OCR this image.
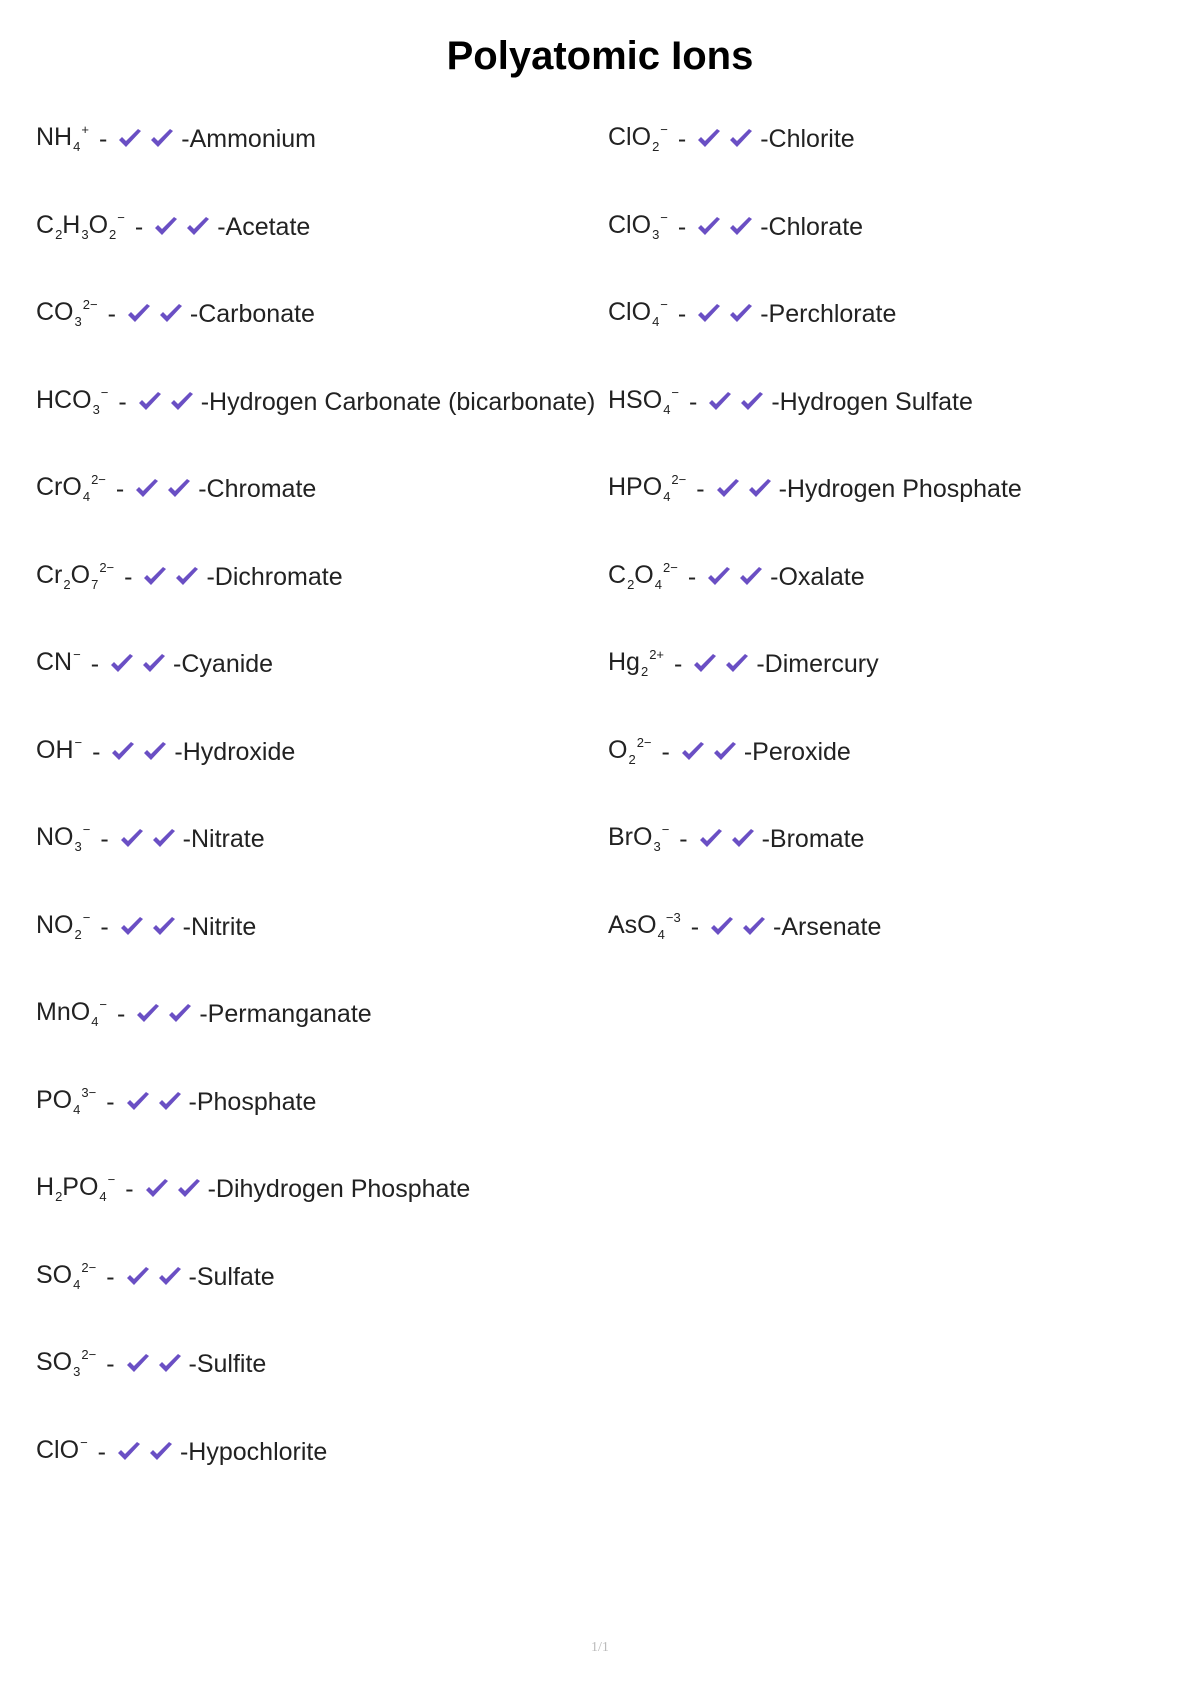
Polyatomic Ions
NH 4
+ -	-Ammonium
C 2 H 3 O 2
− -	-Acetate
CO 3
2− -	-Carbonate
HCO 3
− -	-Hydrogen Carbonate (bicarbonate)
CrO 4
2− -	-Chromate
Cr 2 O 7
2− -	-Dichromate
CN − -	-Cyanide
OH − -	-Hydroxide
NO 3
− -	-Nitrate
NO 2
− -	-Nitrite
MnO 4
− -	-Permanganate
PO 4
3− -	-Phosphate
H 2 PO 4
− -	-Dihydrogen Phosphate
SO 4
2− -	-Sulfate
SO 3
2− -	-Sulfite
ClO − -	-Hypochlorite
ClO 2
− -	-Chlorite
ClO 3
− -	-Chlorate
ClO 4
− -	-Perchlorate
HSO 4
− -	-Hydrogen Sulfate
HPO 4
2− -	-Hydrogen Phosphate
C 2 O 4
2− -	-Oxalate
Hg 2
2+ -	-Dimercury
O 2
2− -	-Peroxide
BrO 3
− -	-Bromate
AsO 4
−3 -	-Arsenate
1/1
